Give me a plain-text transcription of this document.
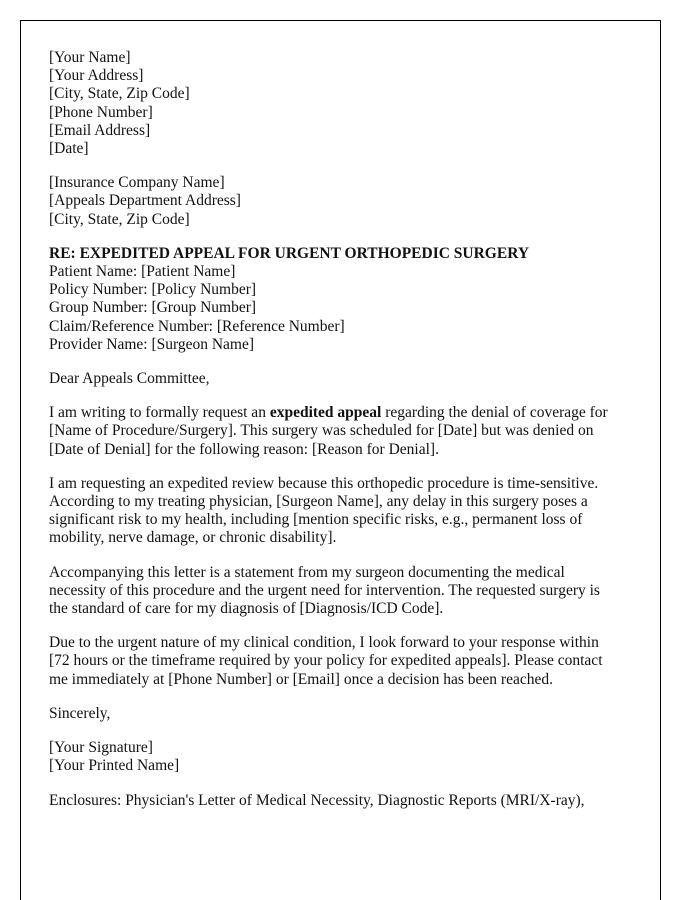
[Your Name]
[Your Address]
[City, State, Zip Code]
[Phone Number]
[Email Address]
[Date]
[Insurance Company Name]
[Appeals Department Address]
[City, State, Zip Code]
RE: EXPEDITED APPEAL FOR URGENT ORTHOPEDIC SURGERY
Patient Name: [Patient Name]
Policy Number: [Policy Number]
Group Number: [Group Number]
Claim/Reference Number: [Reference Number]
Provider Name: [Surgeon Name]
Dear Appeals Committee,
I am writing to formally request an expedited appeal regarding the denial of coverage for
[Name of Procedure/Surgery]. This surgery was scheduled for [Date] but was denied on
[Date of Denial] for the following reason: [Reason for Denial].
I am requesting an expedited review because this orthopedic procedure is time-sensitive.
According to my treating physician, [Surgeon Name], any delay in this surgery poses a
significant risk to my health, including [mention specific risks, e.g., permanent loss of
mobility, nerve damage, or chronic disability].
Accompanying this letter is a statement from my surgeon documenting the medical
necessity of this procedure and the urgent need for intervention. The requested surgery is
the standard of care for my diagnosis of [Diagnosis/ICD Code].
Due to the urgent nature of my clinical condition, I look forward to your response within
[72 hours or the timeframe required by your policy for expedited appeals]. Please contact
me immediately at [Phone Number] or [Email] once a decision has been reached.
Sincerely,
[Your Signature]
[Your Printed Name]
Enclosures: Physician's Letter of Medical Necessity, Diagnostic Reports (MRI/X-ray),
